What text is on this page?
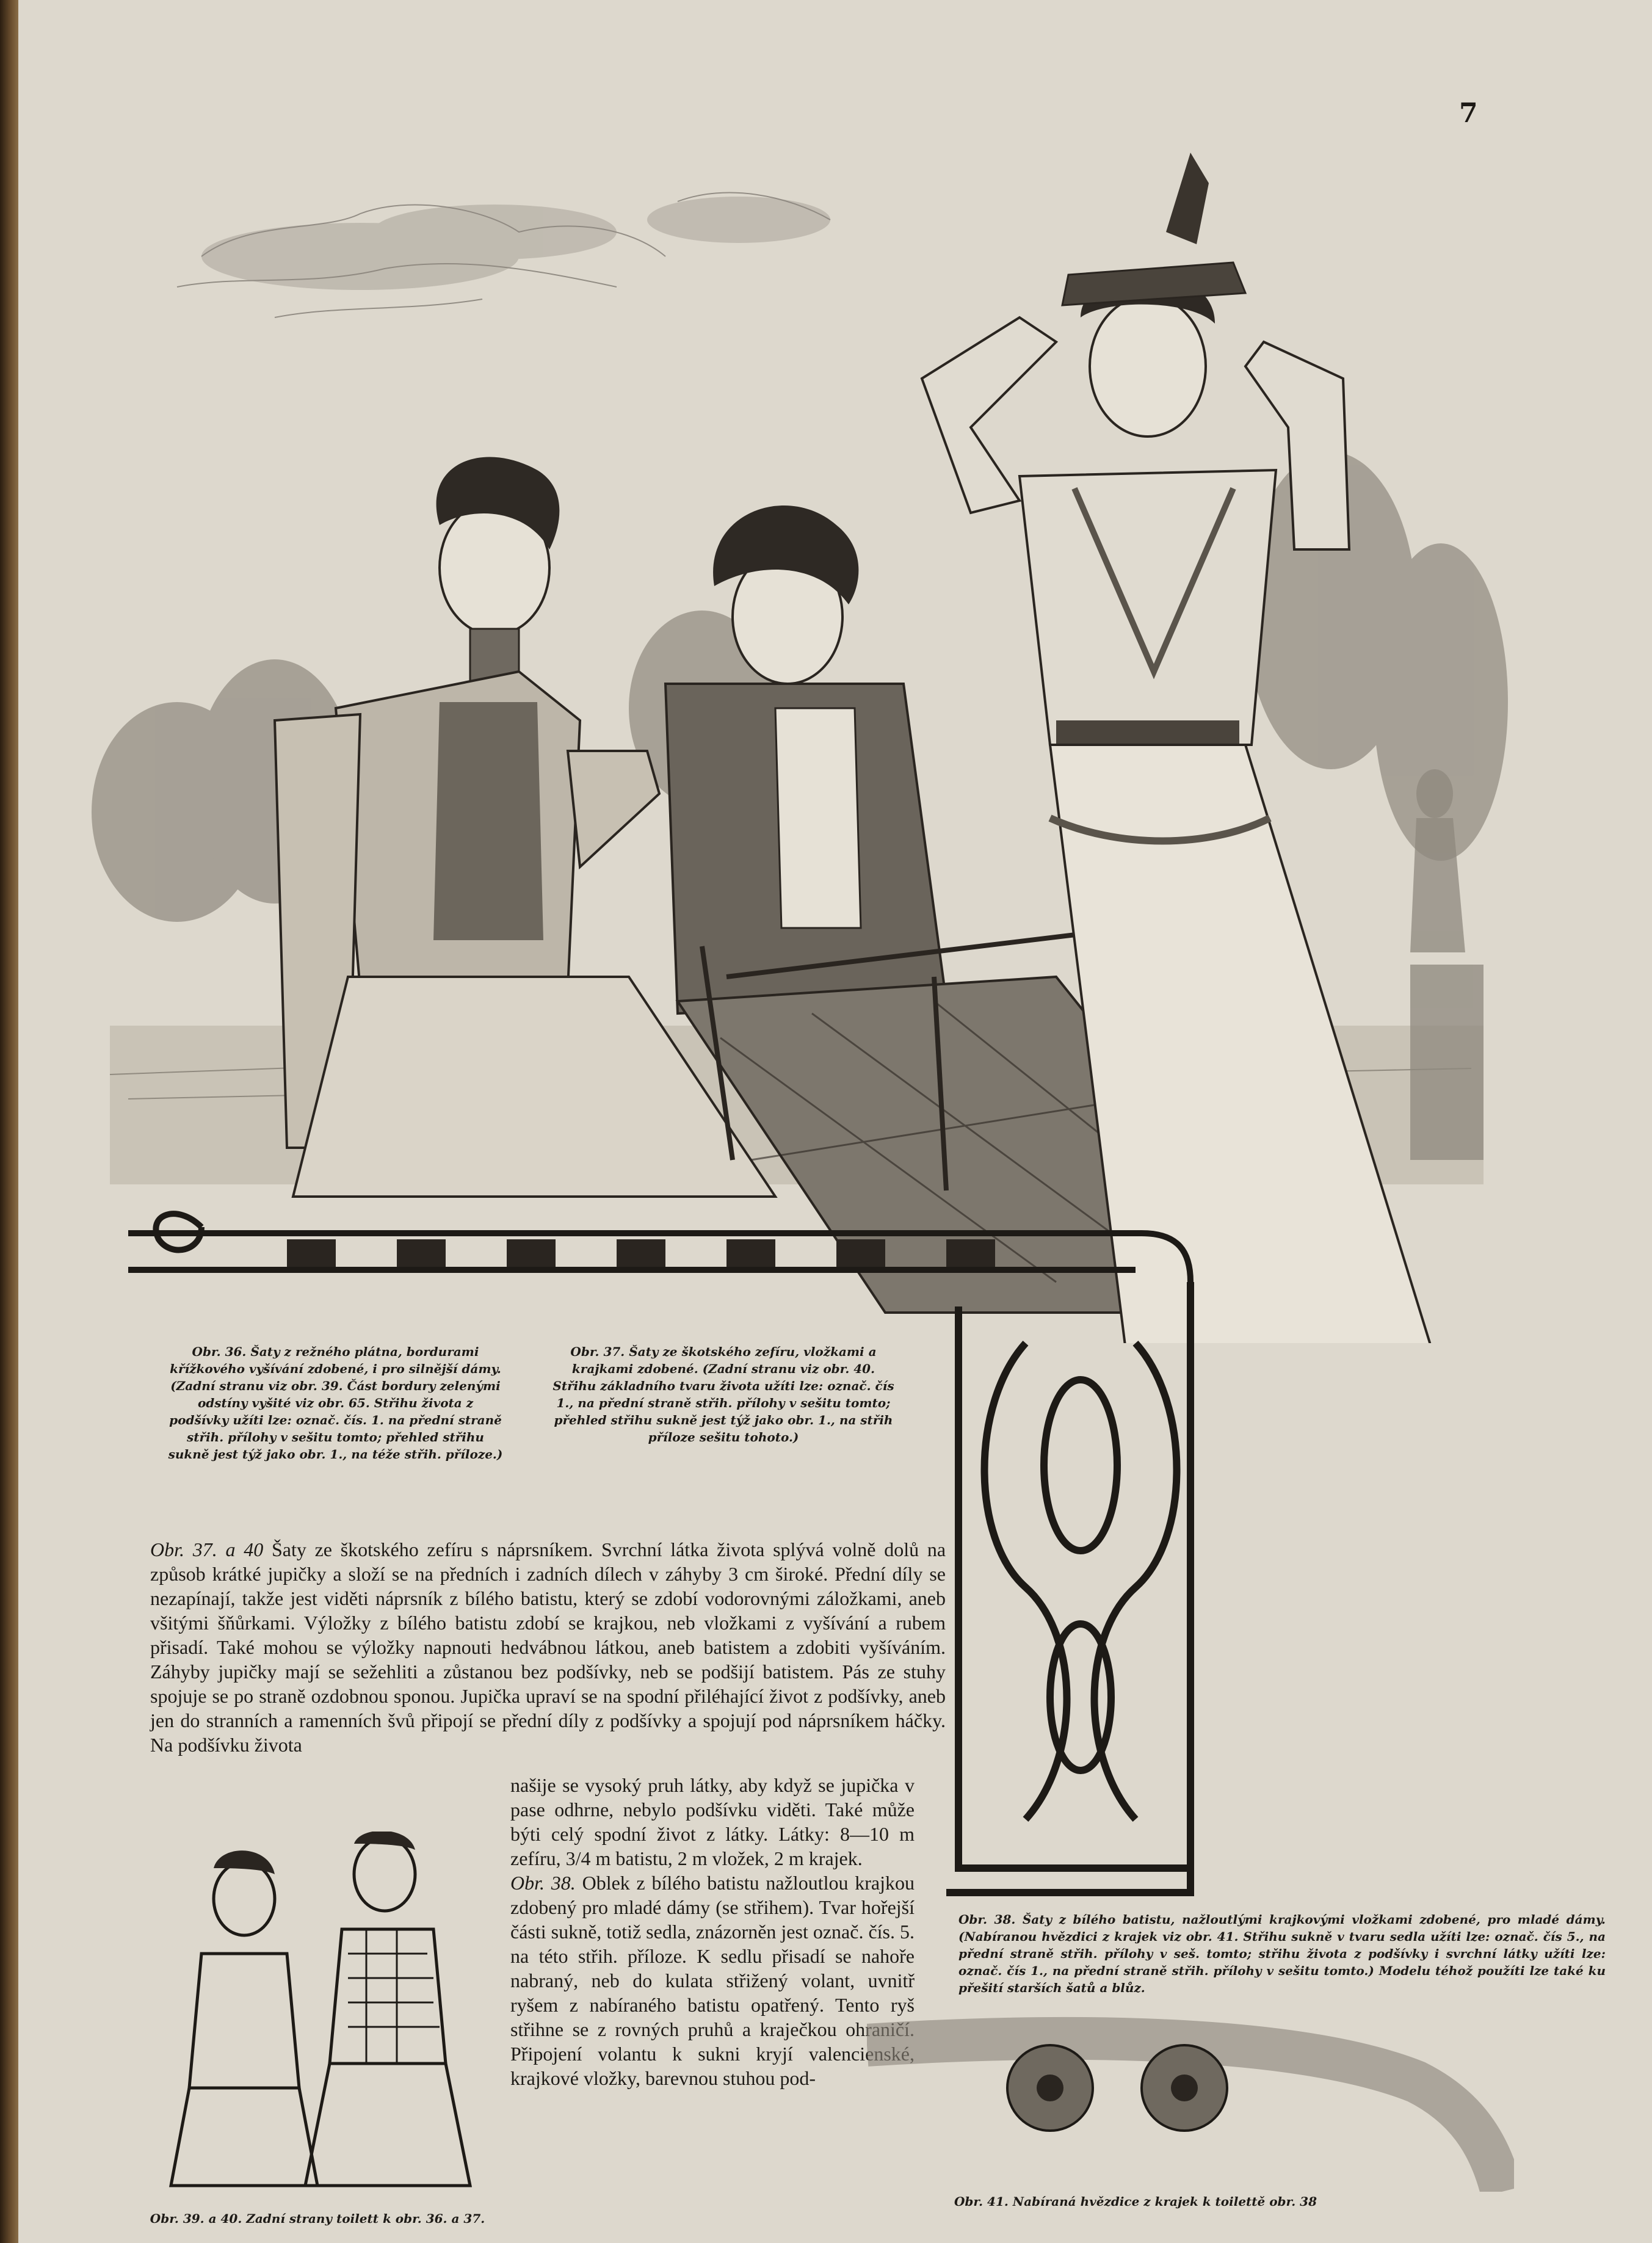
7
Obr. 36. Šaty z režného plátna, bordurami křížkového vyšívání zdobené, i pro silnější dámy. (Zadní stranu viz obr. 39. Část bordury zelenými odstíny vyšité viz obr. 65. Střihu života z podšívky užíti lze: označ. čís. 1. na přední straně střih. přílohy v sešitu tomto; přehled střihu sukně jest týž jako obr. 1., na téže střih. příloze.)
Obr. 37. Šaty ze škotského zefíru, vložkami a krajkami zdobené. (Zadní stranu viz obr. 40. Střihu základního tvaru života užíti lze: označ. čís 1., na přední straně střih. přílohy v sešitu tomto; přehled střihu sukně jest týž jako obr. 1., na střih příloze sešitu tohoto.)
Obr. 37. a 40 Šaty ze škotského zefíru s náprsníkem. Svrchní látka života splývá volně dolů na způsob krátké jupičky a složí se na předních i zadních dílech v záhyby 3 cm široké. Přední díly se nezapínají, takže jest viděti náprsník z bílého batistu, který se zdobí vodorovnými záložkami, aneb všitými šňůrkami. Výložky z bílého batistu zdobí se krajkou, neb vložkami z vyšívání a rubem přisadí. Také mohou se výložky napnouti hedvábnou látkou, aneb batistem a zdobiti vyšíváním. Záhyby jupičky mají se sežehliti a zůstanou bez podšívky, neb se podšijí batistem. Pás ze stuhy spojuje se po straně ozdobnou sponou. Jupička upraví se na spodní přiléhající život z podšívky, aneb jen do stranních a ramenních švů připojí se přední díly z podšívky a spojují pod náprsníkem háčky. Na podšívku života
našije se vysoký pruh látky, aby když se jupička v pase odhrne, nebylo podšívku viděti. Také může býti celý spodní život z látky. Látky: 8—10 m zefíru, 3/4 m batistu, 2 m vložek, 2 m krajek.
Obr. 38. Oblek z bílého batistu nažloutlou krajkou zdobený pro mladé dámy (se střihem). Tvar hořejší části sukně, totiž sedla, znázorněn jest označ. čís. 5. na této střih. příloze. K sedlu přisadí se nahoře nabraný, neb do kulata střižený volant, uvnitř ryšem z nabíraného batistu opatřený. Tento ryš střihne se z rovných pruhů a kraječkou ohraničí. Připojení volantu k sukni kryjí valencienské, krajkové vložky, barevnou stuhou pod-
Obr. 39. a 40. Zadní strany toilett k obr. 36. a 37.
Obr. 38. Šaty z bílého batistu, nažloutlými krajkovými vložkami zdobené, pro mladé dámy. (Nabíranou hvězdici z krajek viz obr. 41. Střihu sukně v tvaru sedla užíti lze: označ. čís 5., na přední straně střih. přílohy v seš. tomto; střihu života z podšívky i svrchní látky užíti lze: označ. čís 1., na přední straně střih. přílohy v sešitu tomto.) Modelu téhož použíti lze také ku přešití starších šatů a blůz.
Obr. 41. Nabíraná hvězdice z krajek k toilettě obr. 38
